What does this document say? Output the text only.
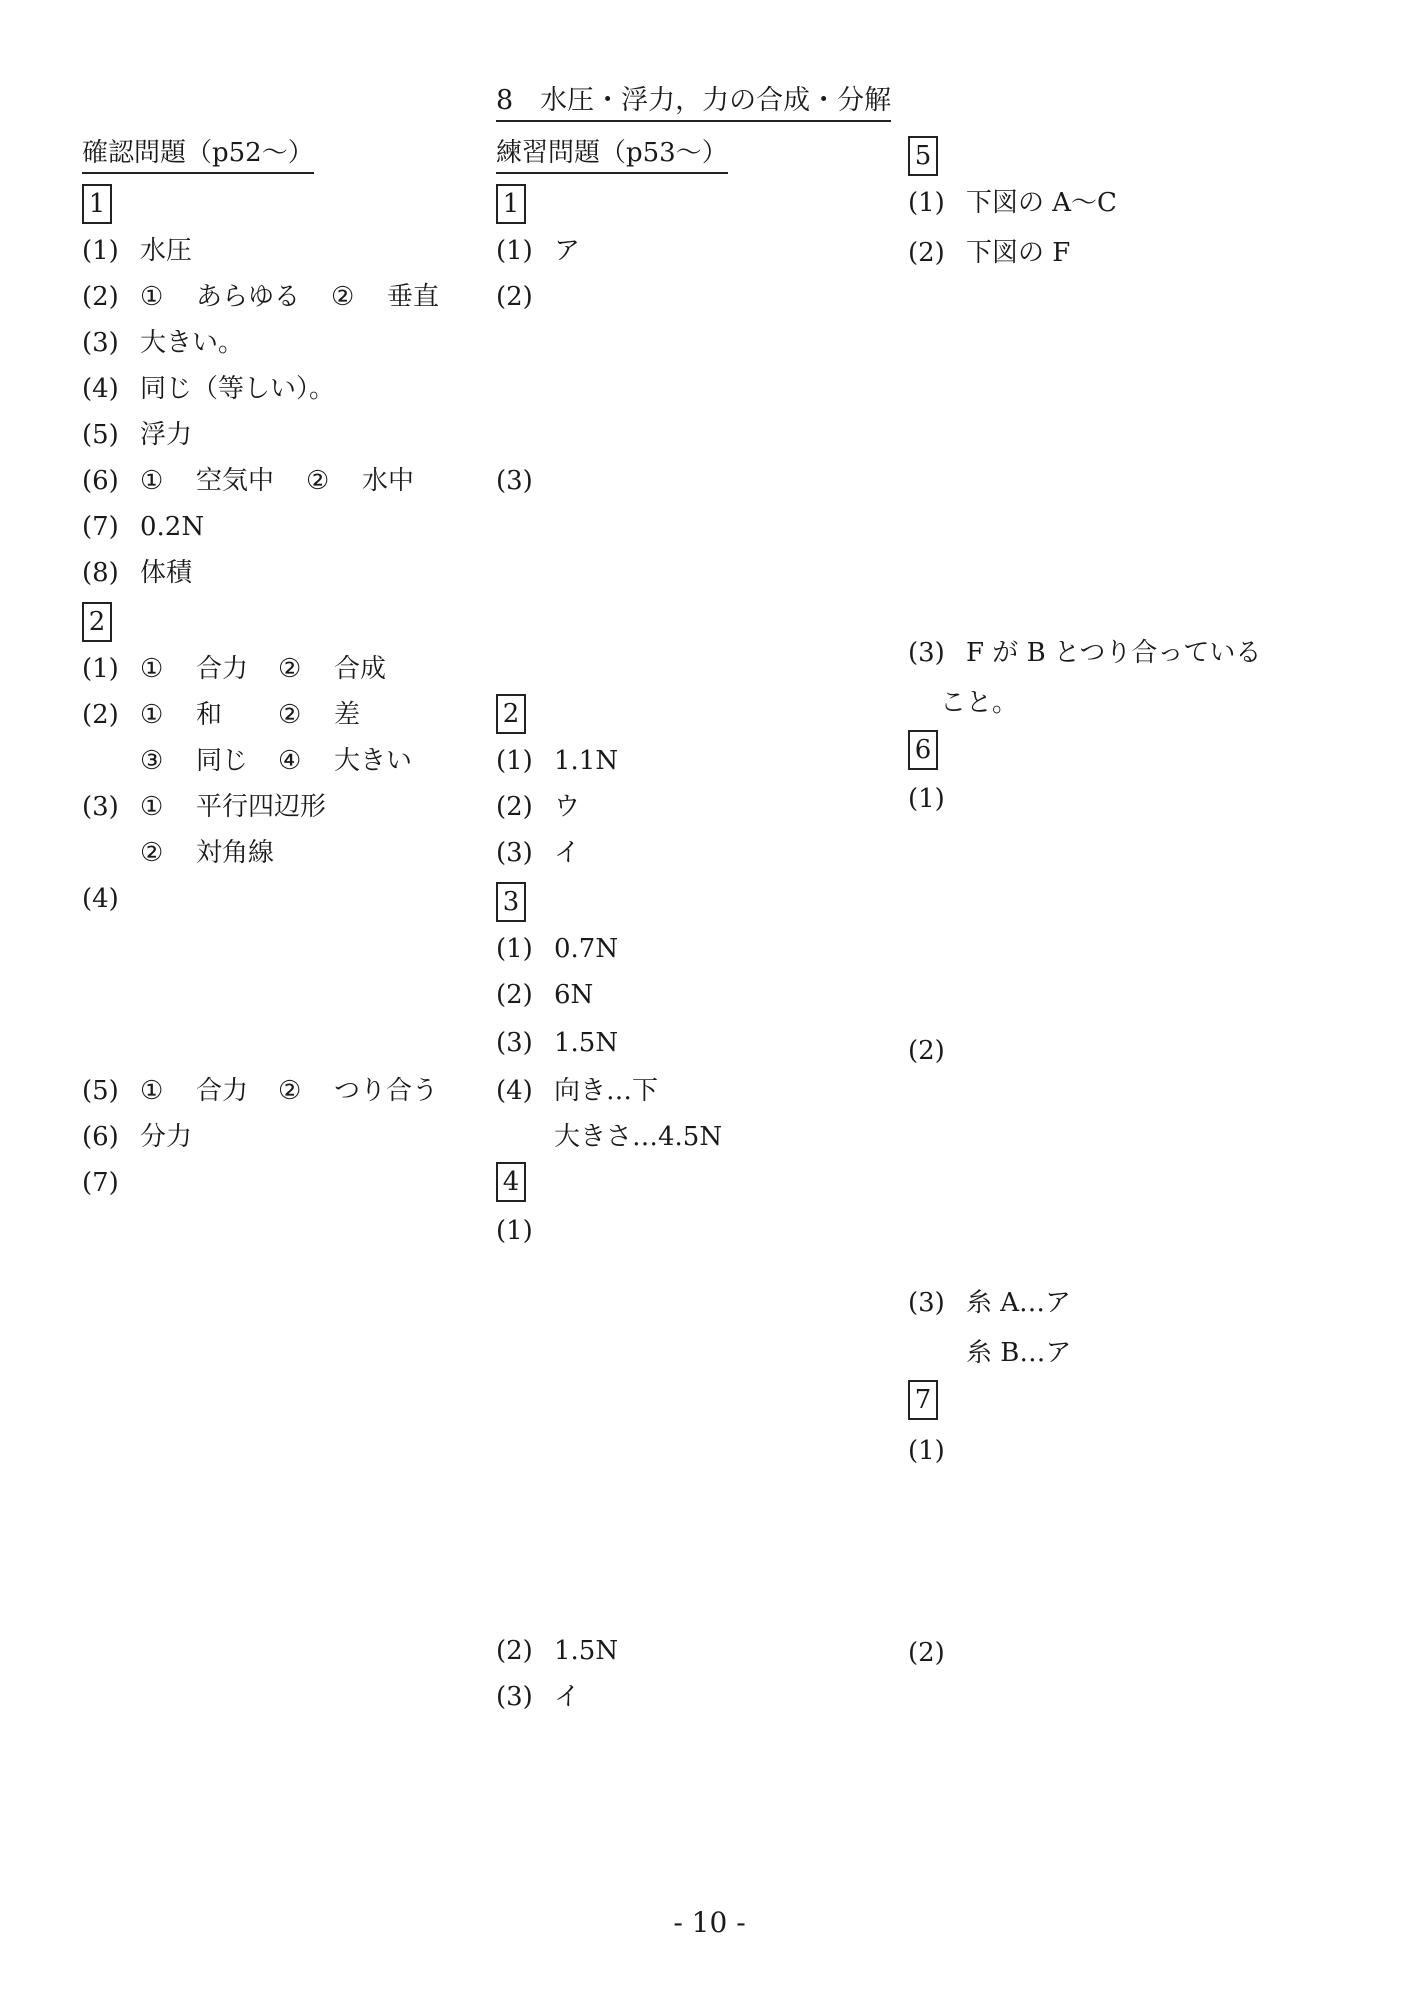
8　水圧・浮力，力の合成・分解
確認問題（p52～）
1
(1) 水圧
(2) ① あらゆる ② 垂直
(3) 大きい。
(4) 同じ（等しい）。
(5) 浮力
(6) ① 空気中 ② 水中
(7) 0.2N
(8) 体積
2
(1) ① 合力 ② 合成
(2) ① 和 ② 差
③ 同じ ④ 大きい
(3) ① 平行四辺形
② 対角線
(4)
(5) ① 合力 ② つり合う
(6) 分力
(7)
練習問題（p53～）
1
(1) ア
(2)
(3)
2
(1) 1.1N
(2) ウ
(3) イ
3
(1) 0.7N
(2) 6N
(3) 1.5N
(4) 向き…下
大きさ…4.5N
4
(1)
(2) 1.5N
(3) イ
5
(1) 下図の A～C
(2) 下図の F
(3) F が B とつり合っている
こと。
6
(1)
(2)
(3) 糸 A…ア
糸 B…ア
7
(1)
(2)
- 10 -
